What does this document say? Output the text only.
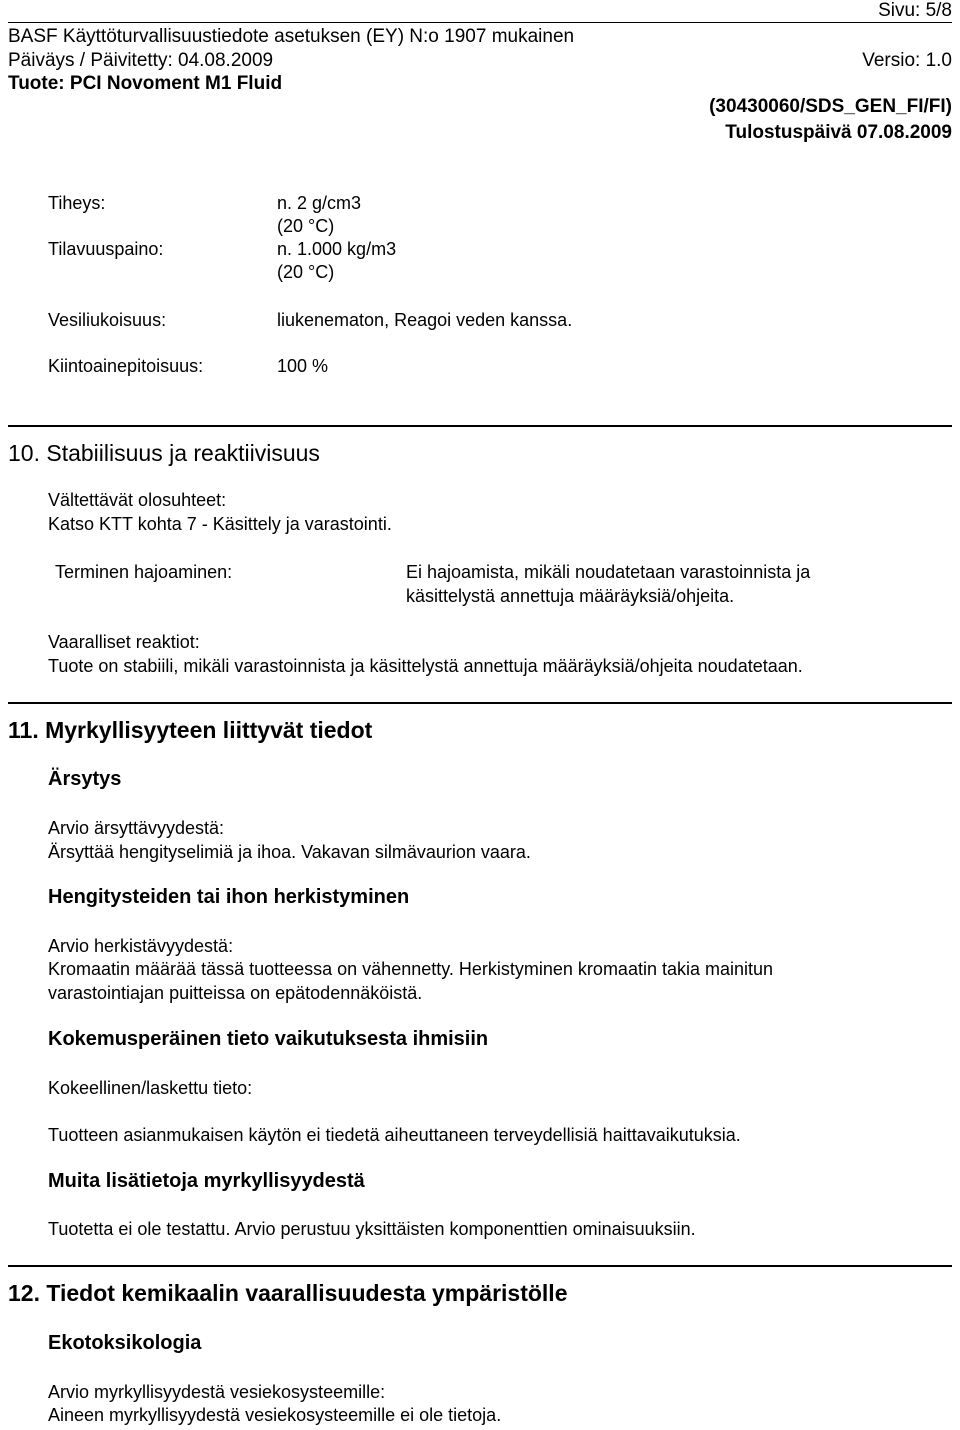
Sivu: 5/8
BASF Käyttöturvallisuustiedote asetuksen (EY) N:o 1907 mukainen
Päiväys / Päivitetty: 04.08.2009	Versio: 1.0
Tuote: PCI Novoment M1 Fluid
(30430060/SDS_GEN_FI/FI)
Tulostuspäivä 07.08.2009
Tiheys:	n. 2 g/cm3
(20 °C)
Tilavuuspaino:	n. 1.000 kg/m3
(20 °C)
Vesiliukoisuus:	liukenematon, Reagoi veden kanssa.
Kiintoainepitoisuus:	100 %
10. Stabiilisuus ja reaktiivisuus
Vältettävät olosuhteet:
Katso KTT kohta 7 - Käsittely ja varastointi.
Terminen hajoaminen:	Ei hajoamista, mikäli noudatetaan varastoinnista ja
käsittelystä annettuja määräyksiä/ohjeita.
Vaaralliset reaktiot:
Tuote on stabiili, mikäli varastoinnista ja käsittelystä annettuja määräyksiä/ohjeita noudatetaan.
11. Myrkyllisyyteen liittyvät tiedot
Ärsytys
Arvio ärsyttävyydestä:
Ärsyttää hengityselimiä ja ihoa. Vakavan silmävaurion vaara.
Hengitysteiden tai ihon herkistyminen
Arvio herkistävyydestä:
Kromaatin määrää tässä tuotteessa on vähennetty. Herkistyminen kromaatin takia mainitun
varastointiajan puitteissa on epätodennäköistä.
Kokemusperäinen tieto vaikutuksesta ihmisiin
Kokeellinen/laskettu tieto:
Tuotteen asianmukaisen käytön ei tiedetä aiheuttaneen terveydellisiä haittavaikutuksia.
Muita lisätietoja myrkyllisyydestä
Tuotetta ei ole testattu. Arvio perustuu yksittäisten komponenttien ominaisuuksiin.
12. Tiedot kemikaalin vaarallisuudesta ympäristölle
Ekotoksikologia
Arvio myrkyllisyydestä vesiekosysteemille:
Aineen myrkyllisyydestä vesiekosysteemille ei ole tietoja.
